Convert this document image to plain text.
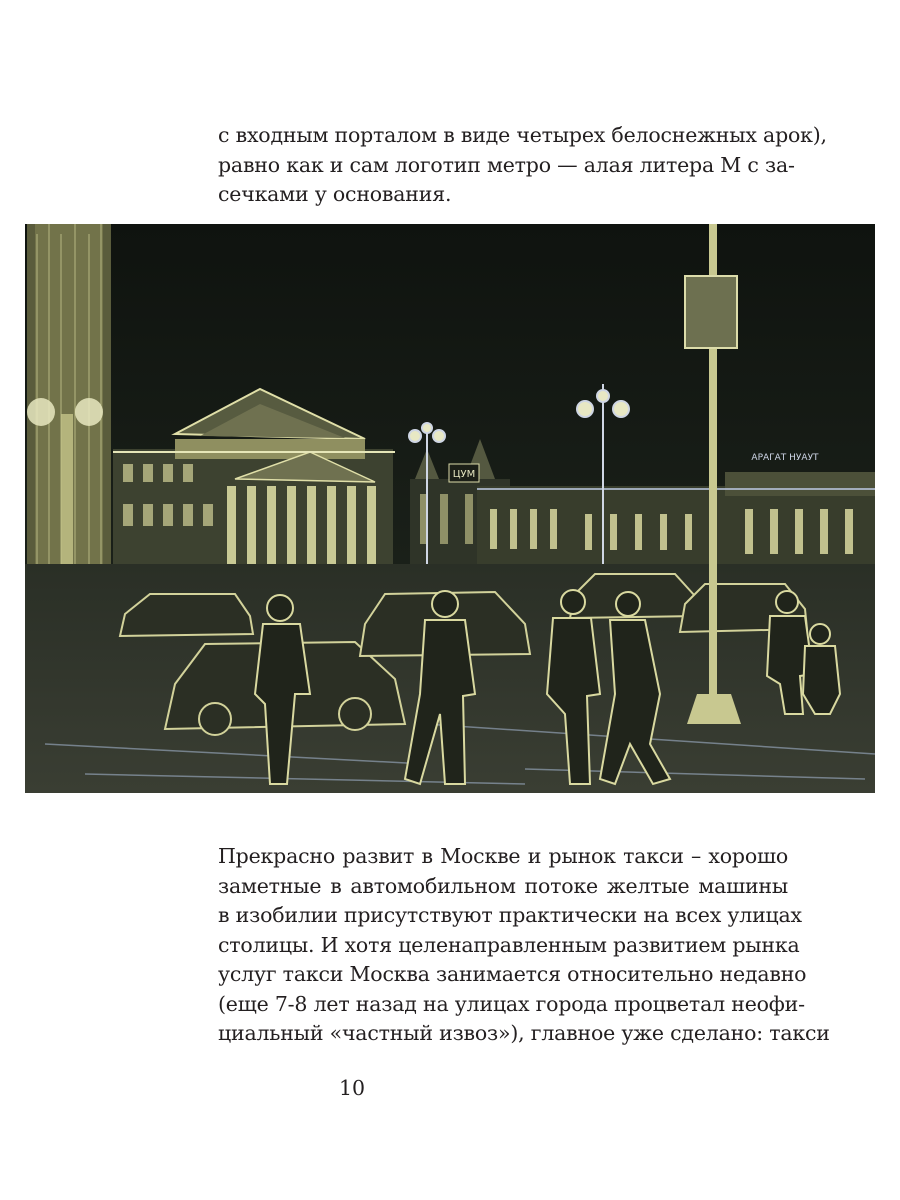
с входным порталом в виде четырех белоснежных арок),
равно как и сам логотип метро — алая литера М с за-
сечками у основания.
ЦУМ
АРАГАТ НУАУТ
Прекрасно развит в Москве и рынок такси – хорошо
заметные в автомобильном потоке желтые машины
в изобилии присутствуют практически на всех улицах
столицы. И хотя целенаправленным развитием рынка
услуг такси Москва занимается относительно недавно
(еще 7-8 лет назад на улицах города процветал неофи-
циальный «частный извоз»), главное уже сделано: такси
10
